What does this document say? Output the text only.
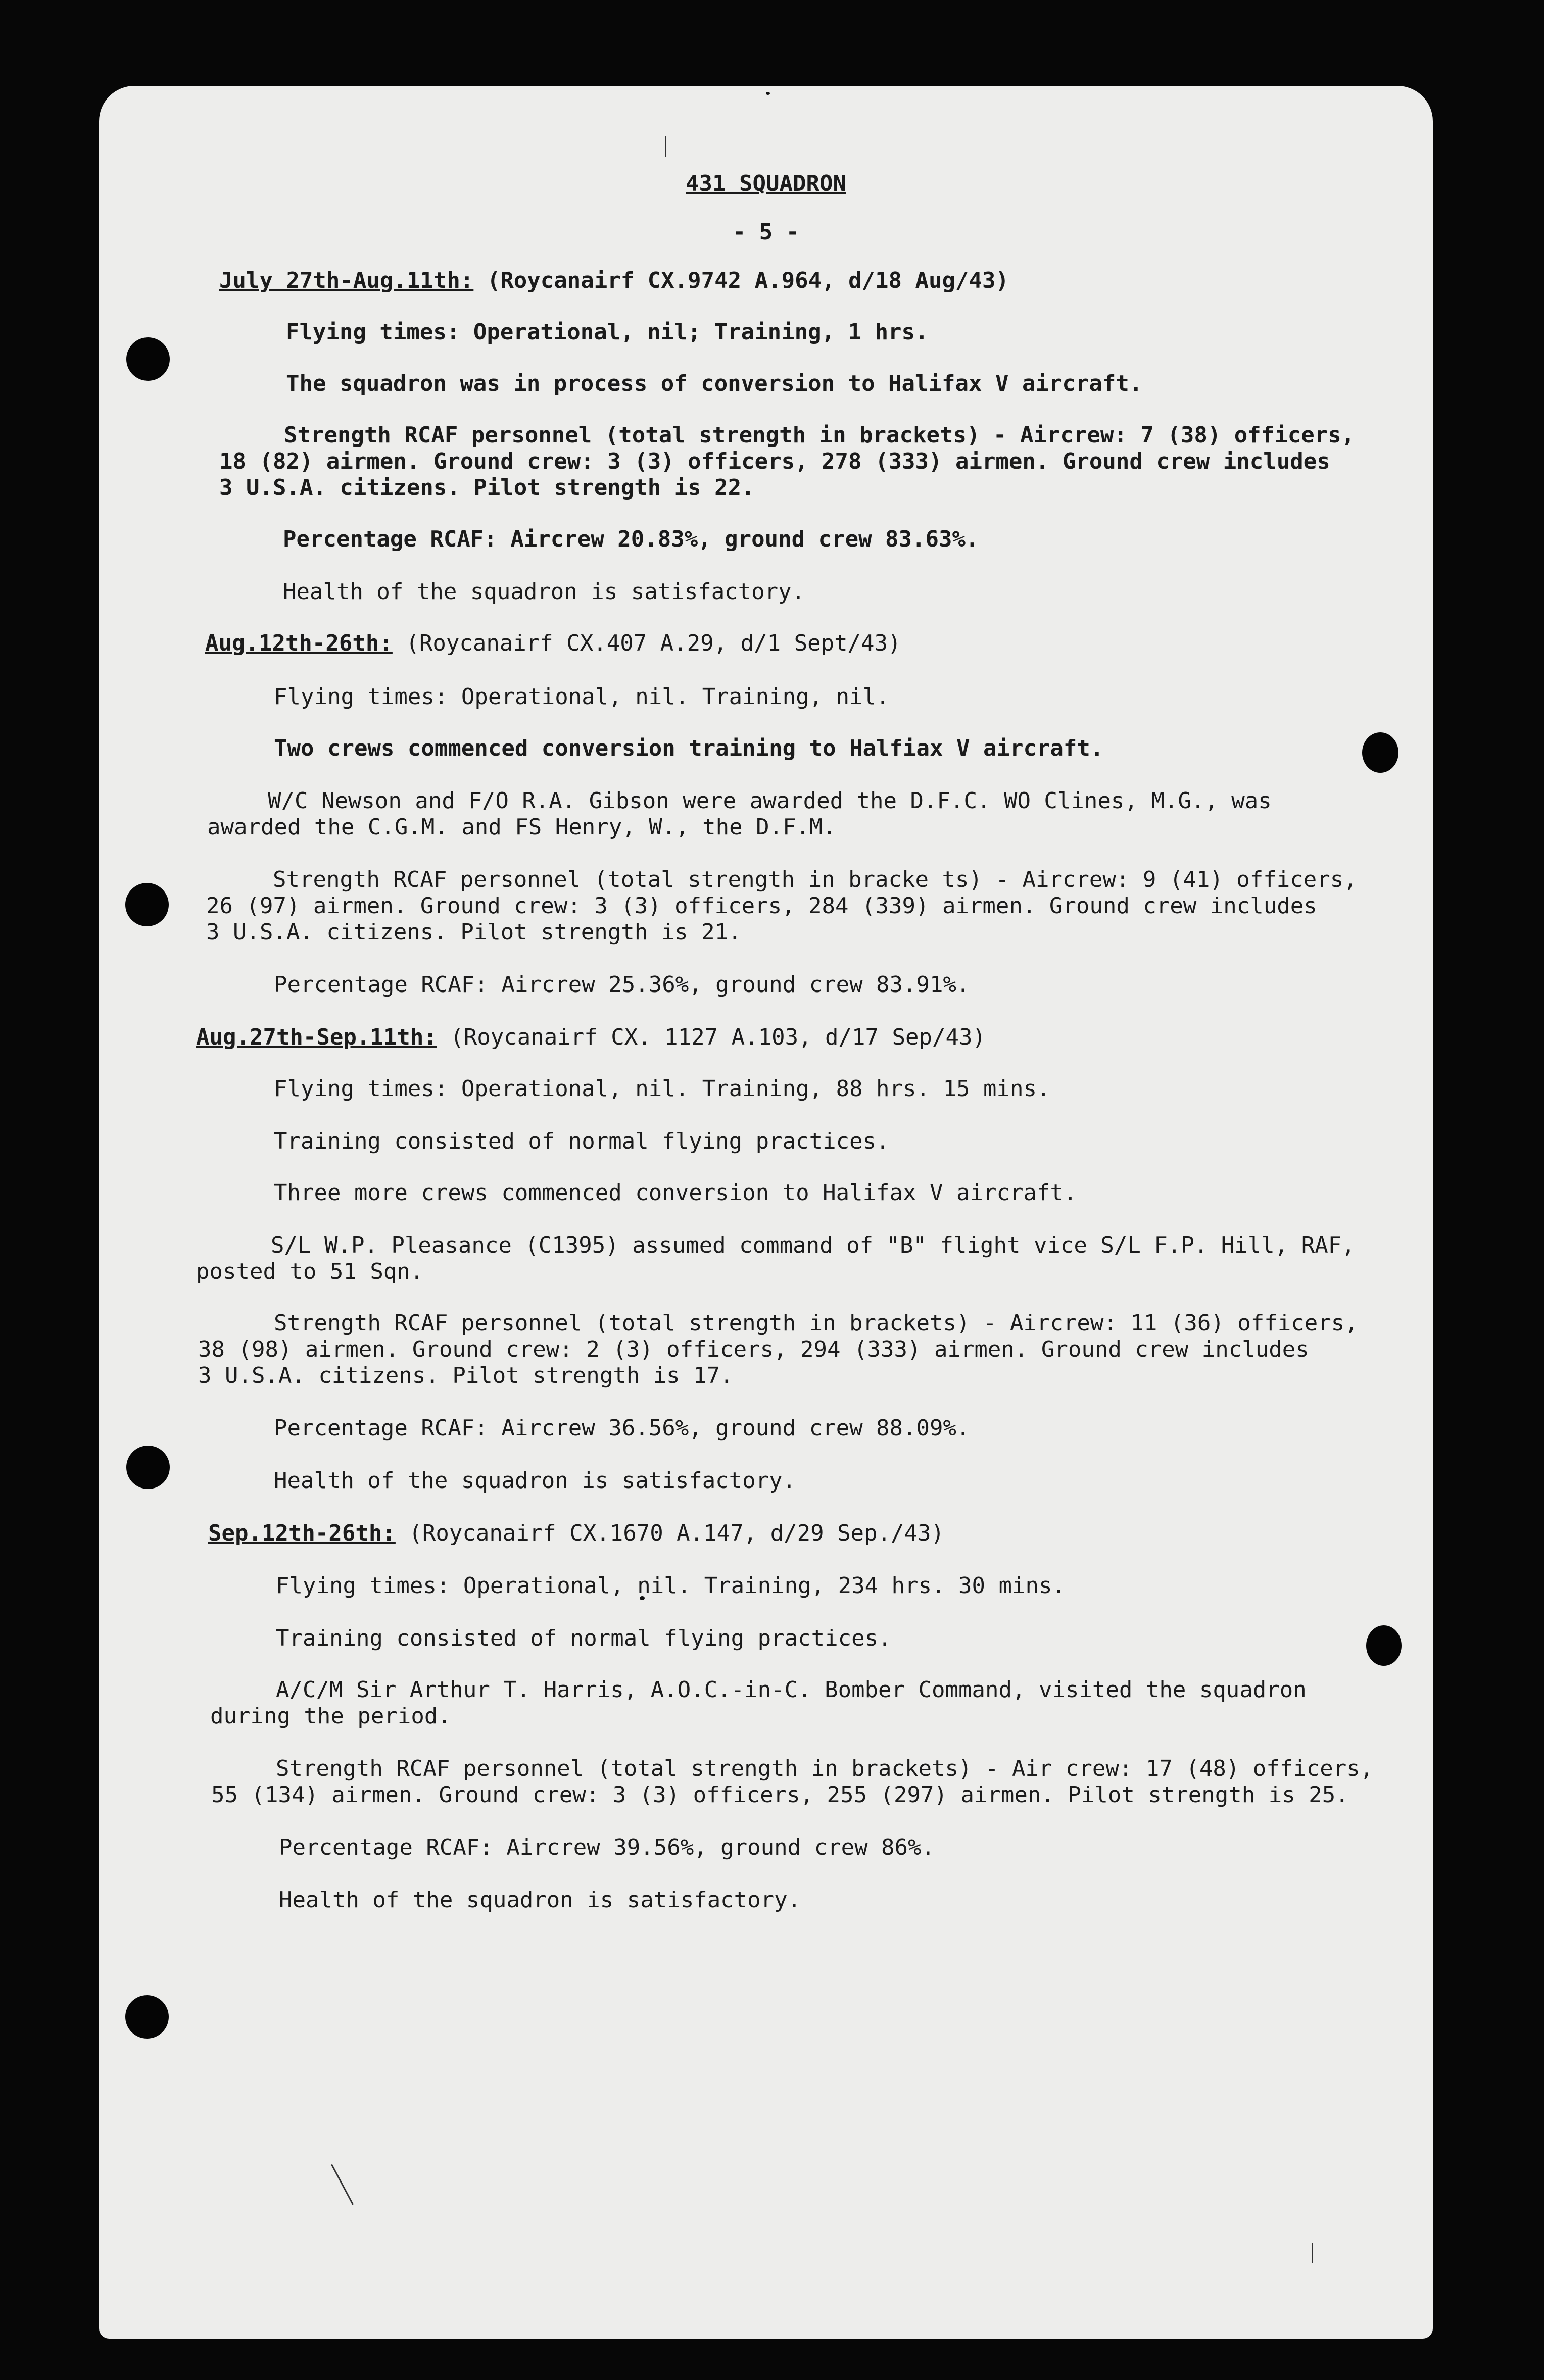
431 SQUADRON
- 5 -
July 27th-Aug.11th: (Roycanairf CX.9742 A.964, d/18 Aug/43)
Flying times: Operational, nil; Training, 1 hrs.
The squadron was in process of conversion to Halifax V aircraft.
Strength RCAF personnel (total strength in brackets) - Aircrew: 7 (38) officers,
18 (82) airmen. Ground crew: 3 (3) officers, 278 (333) airmen. Ground crew includes
3 U.S.A. citizens. Pilot strength is 22.
Percentage RCAF: Aircrew 20.83%, ground crew 83.63%.
Health of the squadron is satisfactory.
Aug.12th-26th: (Roycanairf CX.407 A.29, d/1 Sept/43)
Flying times: Operational, nil. Training, nil.
Two crews commenced conversion training to Halfiax V aircraft.
W/C Newson and F/O R.A. Gibson were awarded the D.F.C. WO Clines, M.G., was
awarded the C.G.M. and FS Henry, W., the D.F.M.
Strength RCAF personnel (total strength in bracke ts) - Aircrew: 9 (41) officers,
26 (97) airmen. Ground crew: 3 (3) officers, 284 (339) airmen. Ground crew includes
3 U.S.A. citizens. Pilot strength is 21.
Percentage RCAF: Aircrew 25.36%, ground crew 83.91%.
Aug.27th-Sep.11th: (Roycanairf CX. 1127 A.103, d/17 Sep/43)
Flying times: Operational, nil. Training, 88 hrs. 15 mins.
Training consisted of normal flying practices.
Three more crews commenced conversion to Halifax V aircraft.
S/L W.P. Pleasance (C1395) assumed command of "B" flight vice S/L F.P. Hill, RAF,
posted to 51 Sqn.
Strength RCAF personnel (total strength in brackets) - Aircrew: 11 (36) officers,
38 (98) airmen. Ground crew: 2 (3) officers, 294 (333) airmen. Ground crew includes
3 U.S.A. citizens. Pilot strength is 17.
Percentage RCAF: Aircrew 36.56%, ground crew 88.09%.
Health of the squadron is satisfactory.
Sep.12th-26th: (Roycanairf CX.1670 A.147, d/29 Sep./43)
Flying times: Operational, nil. Training, 234 hrs. 30 mins.
Training consisted of normal flying practices.
A/C/M Sir Arthur T. Harris, A.O.C.-in-C. Bomber Command, visited the squadron
during the period.
Strength RCAF personnel (total strength in brackets) - Air crew: 17 (48) officers,
55 (134) airmen. Ground crew: 3 (3) officers, 255 (297) airmen. Pilot strength is 25.
Percentage RCAF: Aircrew 39.56%, ground crew 86%.
Health of the squadron is satisfactory.
